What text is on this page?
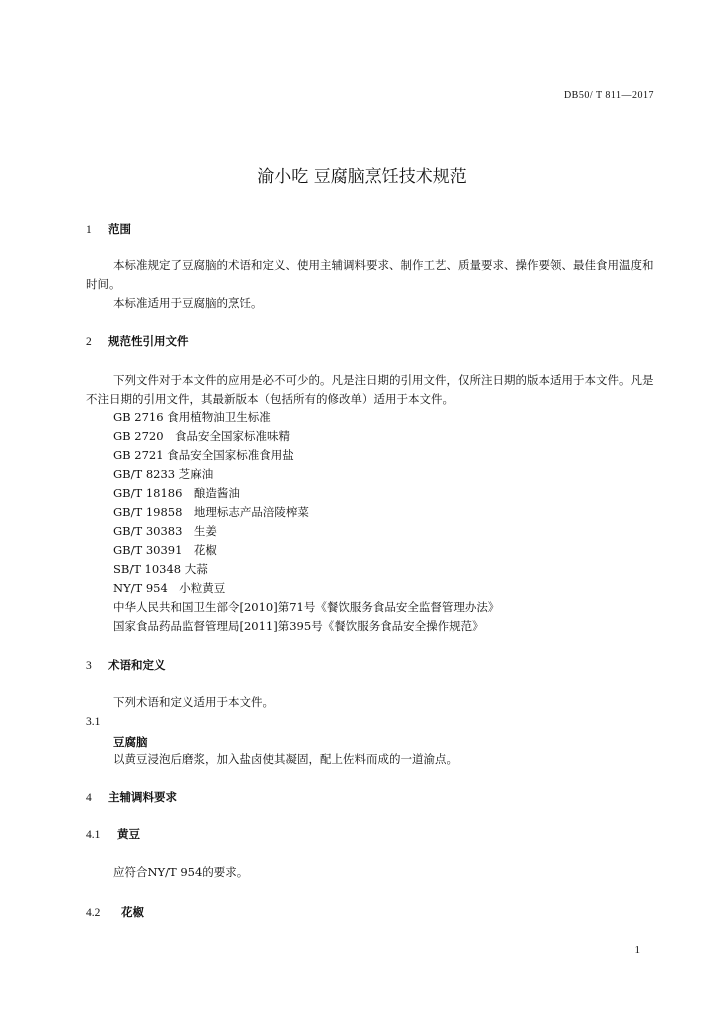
DB50/ T 811—2017
渝小吃 豆腐脑烹饪技术规范
1 范围
本标准规定了豆腐脑的术语和定义、使用主辅调料要求、制作工艺、质量要求、操作要领、最佳食用温度和时间。
本标准适用于豆腐脑的烹饪。
2 规范性引用文件
下列文件对于本文件的应用是必不可少的。凡是注日期的引用文件，仅所注日期的版本适用于本文件。凡是不注日期的引用文件，其最新版本（包括所有的修改单）适用于本文件。
GB 2716 食用植物油卫生标准
GB 2720　食品安全国家标准味精
GB 2721 食品安全国家标准食用盐
GB/T 8233 芝麻油
GB/T 18186　酿造酱油
GB/T 19858　地理标志产品涪陵榨菜
GB/T 30383　生姜
GB/T 30391　花椒
SB/T 10348 大蒜
NY/T 954　小粒黄豆
中华人民共和国卫生部令[2010]第71号《餐饮服务食品安全监督管理办法》
国家食品药品监督管理局[2011]第395号《餐饮服务食品安全操作规范》
3 术语和定义
下列术语和定义适用于本文件。
3.1
豆腐脑
以黄豆浸泡后磨浆，加入盐卤使其凝固，配上佐料而成的一道渝点。
4 主辅调料要求
4.1 黄豆
应符合NY/T 954的要求。
4.2 花椒
1
